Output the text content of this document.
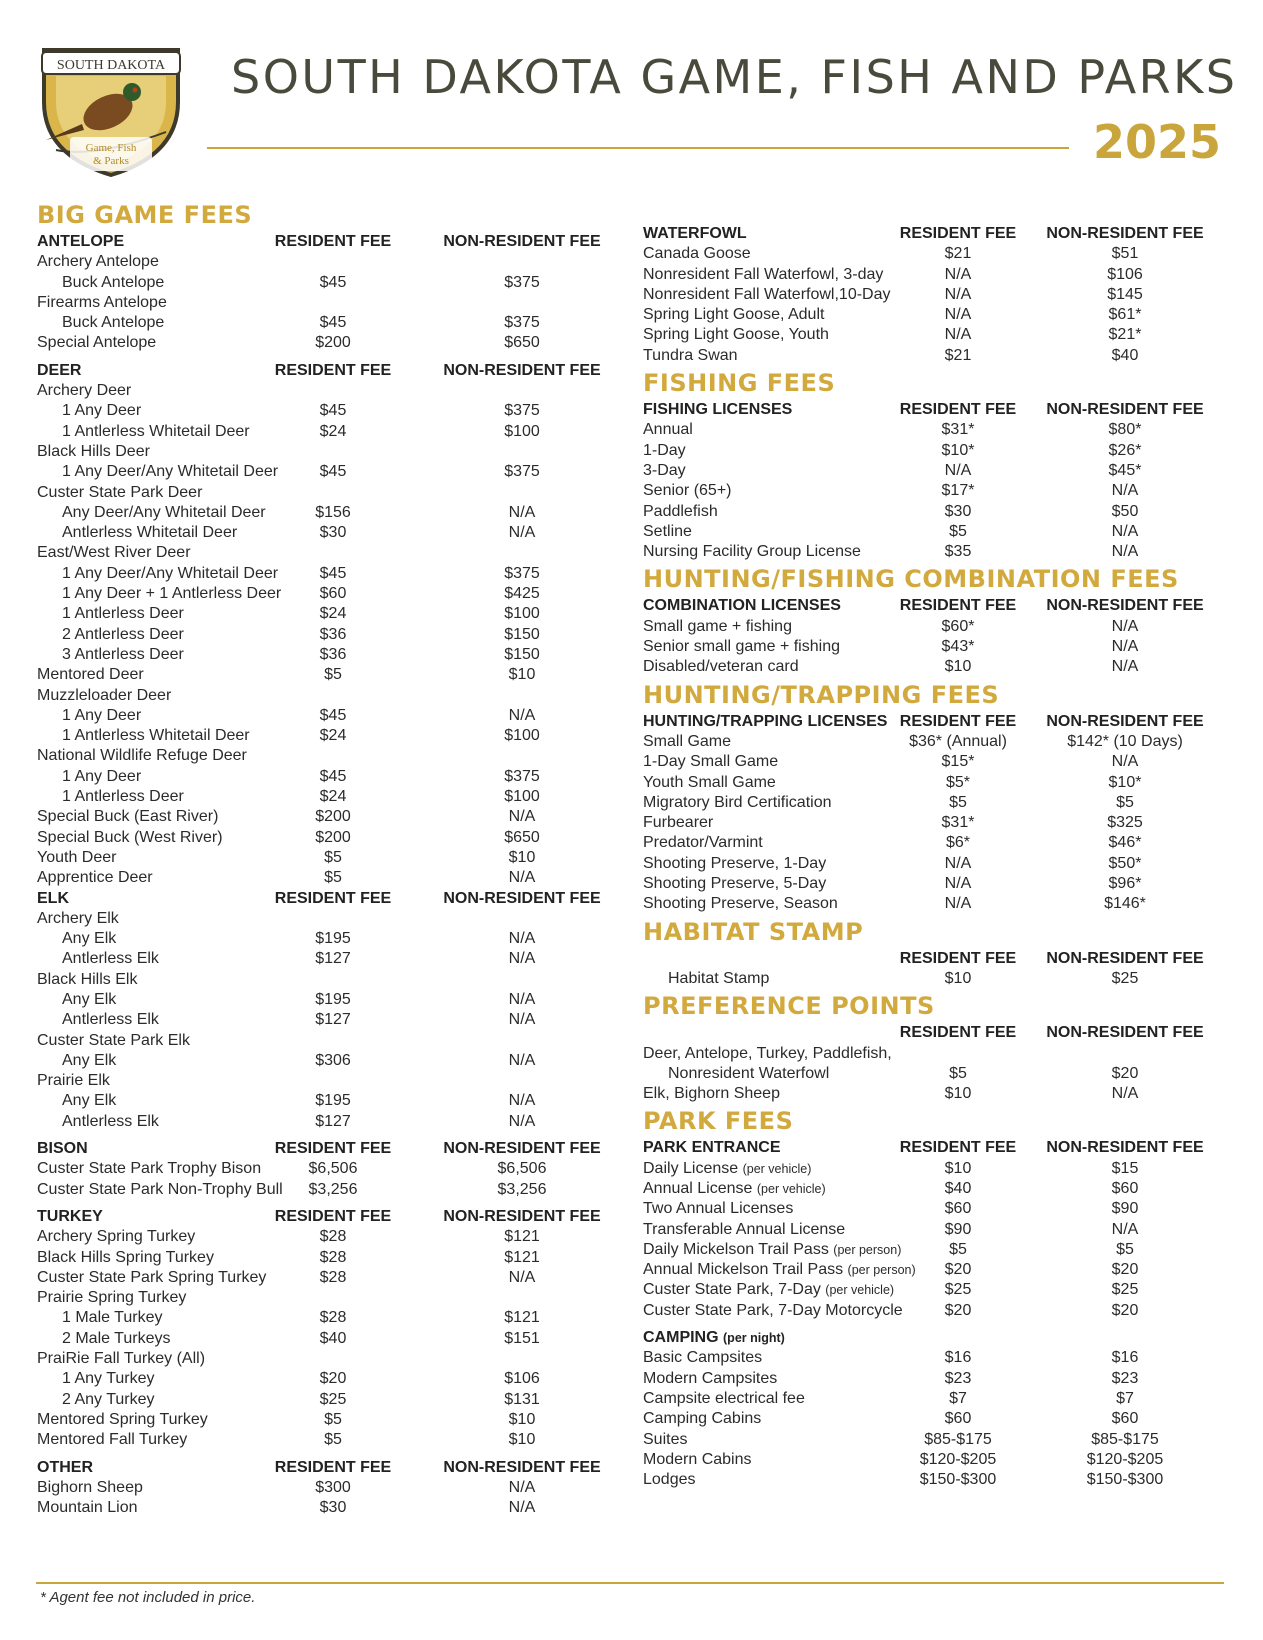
SOUTH DAKOTA
Game, Fish
& Parks
SOUTH DAKOTA GAME, FISH AND PARKS
2025
BIG GAME FEES
ANTELOPE	RESIDENT FEE	NON-RESIDENT FEE
Archery Antelope
Buck Antelope	$45	$375
Firearms Antelope
Buck Antelope	$45	$375
Special Antelope	$200	$650
DEER	RESIDENT FEE	NON-RESIDENT FEE
Archery Deer
1 Any Deer	$45	$375
1 Antlerless Whitetail Deer	$24	$100
Black Hills Deer
1 Any Deer/Any Whitetail Deer	$45	$375
Custer State Park Deer
Any Deer/Any Whitetail Deer	$156	N/A
Antlerless Whitetail Deer	$30	N/A
East/West River Deer
1 Any Deer/Any Whitetail Deer	$45	$375
1 Any Deer + 1 Antlerless Deer	$60	$425
1 Antlerless Deer	$24	$100
2 Antlerless Deer	$36	$150
3 Antlerless Deer	$36	$150
Mentored Deer	$5	$10
Muzzleloader Deer
1 Any Deer	$45	N/A
1 Antlerless Whitetail Deer	$24	$100
National Wildlife Refuge Deer
1 Any Deer	$45	$375
1 Antlerless Deer	$24	$100
Special Buck (East River)	$200	N/A
Special Buck (West River)	$200	$650
Youth Deer	$5	$10
Apprentice Deer	$5	N/A
ELK	RESIDENT FEE	NON-RESIDENT FEE
Archery Elk
Any Elk	$195	N/A
Antlerless Elk	$127	N/A
Black Hills Elk
Any Elk	$195	N/A
Antlerless Elk	$127	N/A
Custer State Park Elk
Any Elk	$306	N/A
Prairie Elk
Any Elk	$195	N/A
Antlerless Elk	$127	N/A
BISON	RESIDENT FEE	NON-RESIDENT FEE
Custer State Park Trophy Bison	$6,506	$6,506
Custer State Park Non-Trophy Bull	$3,256	$3,256
TURKEY	RESIDENT FEE	NON-RESIDENT FEE
Archery Spring Turkey	$28	$121
Black Hills Spring Turkey	$28	$121
Custer State Park Spring Turkey	$28	N/A
Prairie Spring Turkey
1 Male Turkey	$28	$121
2 Male Turkeys	$40	$151
PraiRie Fall Turkey (All)
1 Any Turkey	$20	$106
2 Any Turkey	$25	$131
Mentored Spring Turkey	$5	$10
Mentored Fall Turkey	$5	$10
OTHER	RESIDENT FEE	NON-RESIDENT FEE
Bighorn Sheep	$300	N/A
Mountain Lion	$30	N/A
WATERFOWL	RESIDENT FEE	NON-RESIDENT FEE
Canada Goose	$21	$51
Nonresident Fall Waterfowl, 3-day	N/A	$106
Nonresident Fall Waterfowl,10-Day	N/A	$145
Spring Light Goose, Adult	N/A	$61*
Spring Light Goose, Youth	N/A	$21*
Tundra Swan	$21	$40
FISHING FEES
FISHING LICENSES	RESIDENT FEE	NON-RESIDENT FEE
Annual	$31*	$80*
1-Day	$10*	$26*
3-Day	N/A	$45*
Senior (65+)	$17*	N/A
Paddlefish	$30	$50
Setline	$5	N/A
Nursing Facility Group License	$35	N/A
HUNTING/FISHING COMBINATION FEES
COMBINATION LICENSES	RESIDENT FEE	NON-RESIDENT FEE
Small game + fishing	$60*	N/A
Senior small game + fishing	$43*	N/A
Disabled/veteran card	$10	N/A
HUNTING/TRAPPING FEES
HUNTING/TRAPPING LICENSES RESIDENT FEE	NON-RESIDENT FEE
Small Game	$36* (Annual)	$142* (10 Days)
1-Day Small Game	$15*	N/A
Youth Small Game	$5*	$10*
Migratory Bird Certification	$5	$5
Furbearer	$31*	$325
Predator/Varmint	$6*	$46*
Shooting Preserve, 1-Day	N/A	$50*
Shooting Preserve, 5-Day	N/A	$96*
Shooting Preserve, Season	N/A	$146*
HABITAT STAMP
RESIDENT FEE	NON-RESIDENT FEE
Habitat Stamp	$10	$25
PREFERENCE POINTS
RESIDENT FEE	NON-RESIDENT FEE
Deer, Antelope, Turkey, Paddlefish,
Nonresident Waterfowl	$5	$20
Elk, Bighorn Sheep	$10	N/A
PARK FEES
PARK ENTRANCE	RESIDENT FEE	NON-RESIDENT FEE
Daily License (per vehicle)	$10	$15
Annual License (per vehicle)	$40	$60
Two Annual Licenses	$60	$90
Transferable Annual License	$90	N/A
Daily Mickelson Trail Pass (per person)	$5	$5
Annual Mickelson Trail Pass (per person)	$20	$20
Custer State Park, 7-Day (per vehicle)	$25	$25
Custer State Park, 7-Day Motorcycle	$20	$20
CAMPING (per night)
Basic Campsites	$16	$16
Modern Campsites	$23	$23
Campsite electrical fee	$7	$7
Camping Cabins	$60	$60
Suites	$85-$175	$85-$175
Modern Cabins	$120-$205	$120-$205
Lodges	$150-$300	$150-$300
* Agent fee not included in price.
